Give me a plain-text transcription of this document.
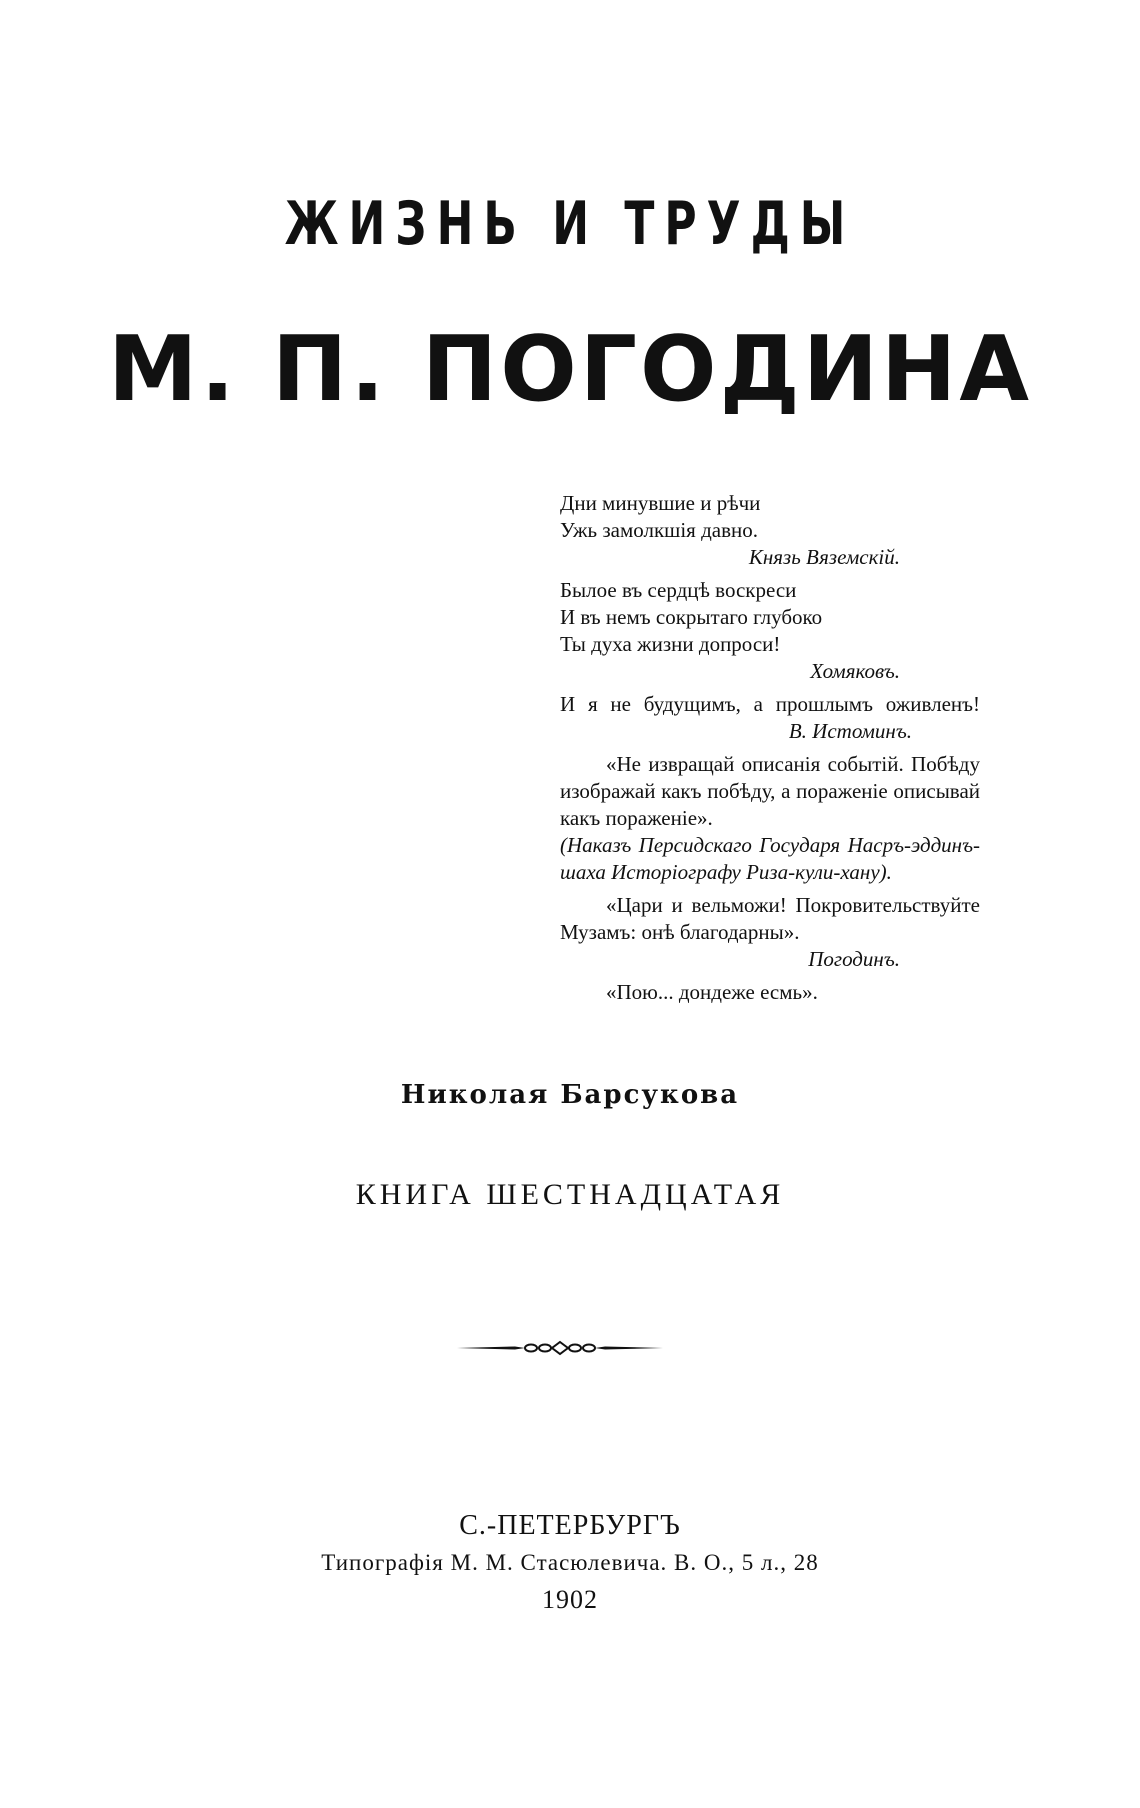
ЖИЗНЬ И ТРУДЫ
М. П. ПОГОДИНА
Дни минувшие и рѣчи
Ужь замолкшія давно.
Князь Вяземскій.
Былое въ сердцѣ воскреси
И въ немъ сокрытаго глубоко
Ты духа жизни допроси!
Хомяковъ.
И я не будущимъ, а прошлымъ оживленъ!
В. Истоминъ.
«Не извращай описанія событій. Побѣду изображай какъ побѣду, а пораженіе описывай какъ пораженіе».
(Наказъ Персидскаго Государя Насръ-эддинъ-шаха Исторіографу Риза-кули-хану).
«Цари и вельможи! Покровительствуйте Музамъ: онѣ благодарны».
Погодинъ.
«Пою... дондеже есмь».
Николая Барсукова
КНИГА ШЕСТНАДЦАТАЯ
С.-ПЕТЕРБУРГЪ
Типографія М. М. Стасюлевича. В. О., 5 л., 28
1902
